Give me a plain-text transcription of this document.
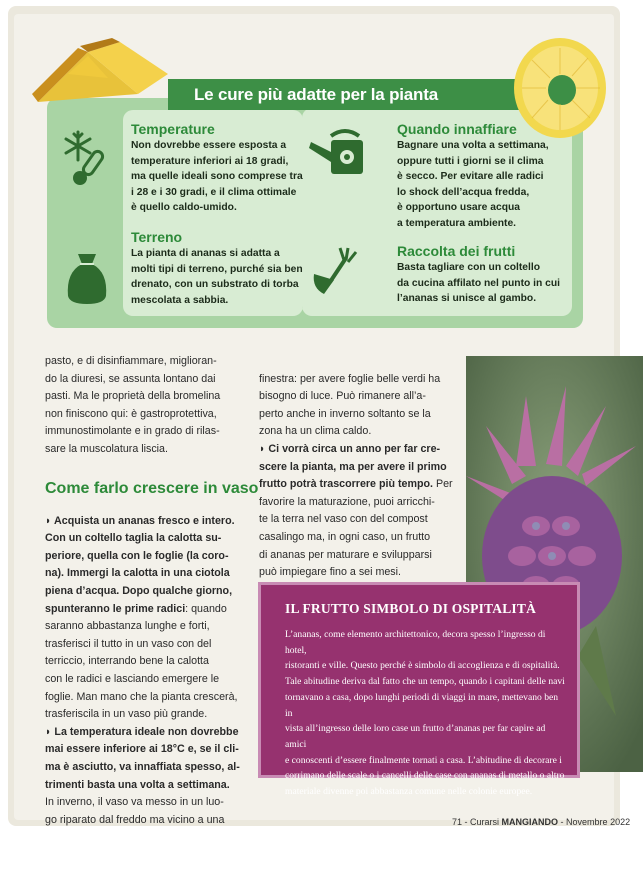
Le cure più adatte per la pianta
Temperature
Non dovrebbe essere esposta a
temperature inferiori ai 18 gradi,
ma quelle ideali sono comprese tra
i 28 e i 30 gradi, e il clima ottimale
è quello caldo-umido.
Terreno
La pianta di ananas si adatta a
molti tipi di terreno, purché sia ben
drenato, con un substrato di torba
mescolata a sabbia.
Quando innaffiare
Bagnare una volta a settimana,
oppure tutti i giorni se il clima
è secco. Per evitare alle radici
lo shock dell’acqua fredda,
è opportuno usare acqua
a temperatura ambiente.
Raccolta dei frutti
Basta tagliare con un coltello
da cucina affilato nel punto in cui
l’ananas si unisce al gambo.
pasto, e di disinfiammare, miglioran-
do la diuresi, se assunta lontano dai
pasti. Ma le proprietà della bromelina
non finiscono qui: è gastroprotettiva,
immunostimolante e in grado di rilas-
sare la muscolatura liscia.
Come farlo crescere in vaso

◗ Acquista un ananas fresco e intero.
Con un coltello taglia la calotta su-
periore, quella con le foglie (la coro-
na). Immergi la calotta in una ciotola
piena d’acqua. Dopo qualche giorno,
spunteranno le prime radici: quando
saranno abbastanza lunghe e forti,
trasferisci il tutto in un vaso con del
terriccio, interrando bene la calotta
con le radici e lasciando emergere le
foglie. Man mano che la pianta crescerà,
trasferiscila in un vaso più grande.
◗ La temperatura ideale non dovrebbe
mai essere inferiore ai 18°C e, se il cli-
ma è asciutto, va innaffiata spesso, al-
trimenti basta una volta a settimana.
In inverno, il vaso va messo in un luo-
go riparato dal freddo ma vicino a una

finestra: per avere foglie belle verdi ha
bisogno di luce. Può rimanere all’a-
perto anche in inverno soltanto se la
zona ha un clima caldo.
◗ Ci vorrà circa un anno per far cre-
scere la pianta, ma per avere il primo
frutto potrà trascorrere più tempo. Per
favorire la maturazione, puoi arricchi-
te la terra nel vaso con del compost
casalingo ma, in ogni caso, un frutto
di ananas per maturare e svilupparsi
può impiegare fino a sei mesi.

IL FRUTTO SIMBOLO DI OSPITALITÀ
L’ananas, come elemento architettonico, decora spesso l’ingresso di hotel,
ristoranti e ville. Questo perché è simbolo di accoglienza e di ospitalità.
Tale abitudine deriva dal fatto che un tempo, quando i capitani delle navi
tornavano a casa, dopo lunghi periodi di viaggi in mare, mettevano ben in
vista all’ingresso delle loro case un frutto d’ananas per far capire ad amici
e conoscenti d’essere finalmente tornati a casa. L’abitudine di decorare i
corrimano delle scale o i cancelli delle case con ananas di metallo o altro
materiale divenne poi abbastanza comune nelle colonie europee.
71 - Curarsi MANGIANDO - Novembre 2022
